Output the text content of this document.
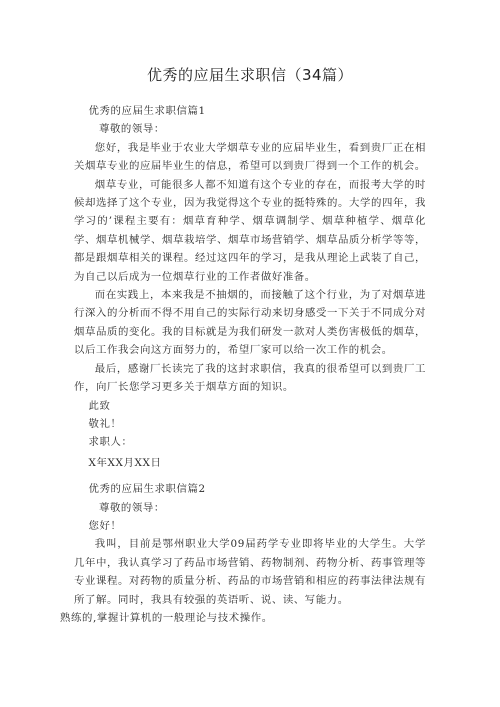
优秀的应届生求职信（34篇）

优秀的应届生求职信篇1

尊敬的领导：

您好，我是毕业于农业大学烟草专业的应届毕业生，看到贵厂正在相关烟草专业的应届毕业生的信息，希望可以到贵厂得到一个工作的机会。

烟草专业，可能很多人都不知道有这个专业的存在，而报考大学的时候却选择了这个专业，因为我觉得这个专业的挺特殊的。大学的四年，我学习的’课程主要有：烟草育种学、烟草调制学、烟草种植学、烟草化学、烟草机械学、烟草栽培学、烟草市场营销学、烟草品质分析学等等，都是跟烟草相关的课程。经过这四年的学习，是我从理论上武装了自己，为自己以后成为一位烟草行业的工作者做好准备。

而在实践上，本来我是不抽烟的，而接触了这个行业，为了对烟草进行深入的分析而不得不用自己的实际行动来切身感受一下关于不同成分对烟草品质的变化。我的目标就是为我们研发一款对人类伤害极低的烟草，以后工作我会向这方面努力的，希望厂家可以给一次工作的机会。

最后，感谢厂长读完了我的这封求职信，我真的很希望可以到贵厂工作，向厂长您学习更多关于烟草方面的知识。

此致

敬礼！

求职人：

X年XX月XX日

优秀的应届生求职信篇2

尊敬的领导：

您好！

我叫，目前是鄂州职业大学09届药学专业即将毕业的大学生。大学几年中，我认真学习了药品市场营销、药物制剂、药物分析、药事管理等专业课程。对药物的质量分析、药品的市场营销和相应的药事法律法规有所了解。同时，我具有较强的英语听、说、读、写能力。

熟练的,掌握计算机的一般理论与技术操作。
